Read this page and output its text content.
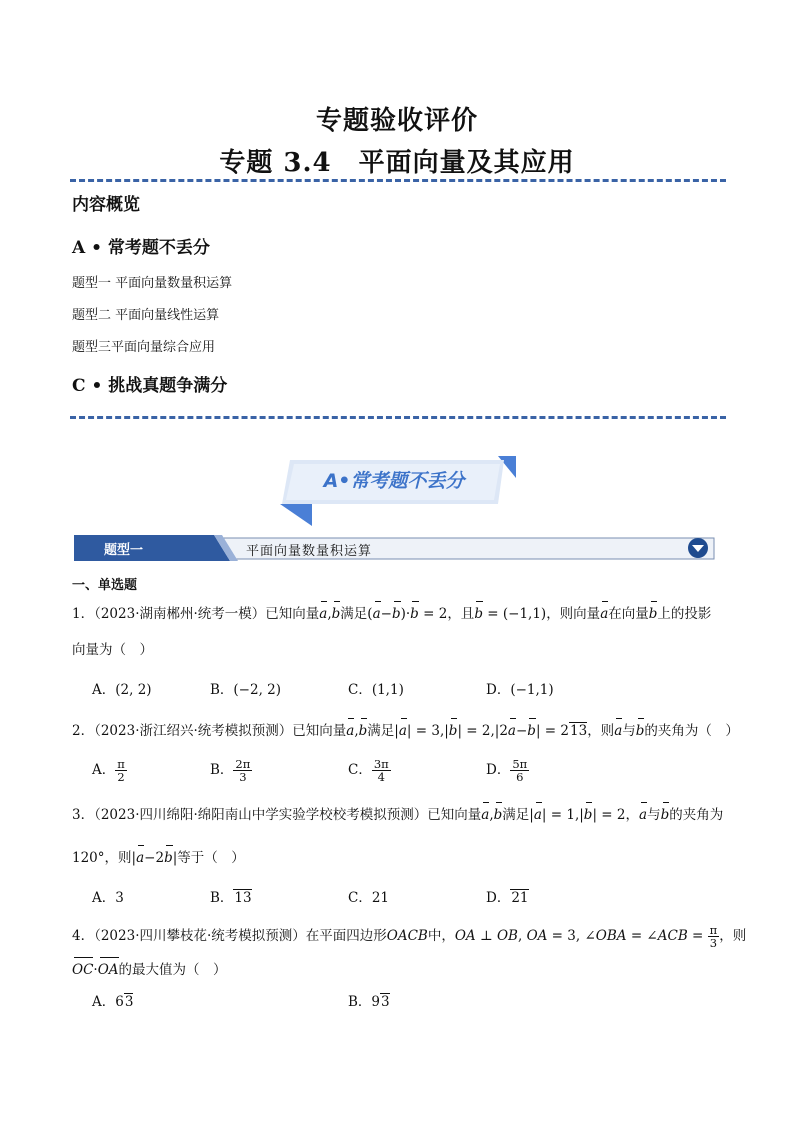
专题验收评价
专题 3.4　平面向量及其应用
内容概览
A • 常考题不丢分
题型一 平面向量数量积运算
题型二 平面向量线性运算
题型三平面向量综合应用
C • 挑战真题争满分
A•常考题不丢分
题型一	平面向量数量积运算
一、单选题
1．（2023·湖南郴州·统考一模）已知向量a,b满足(a−b)·b = 2，且b = (−1,1)，则向量a在向量b上的投影
向量为（　）
A．(2, 2)	B．(−2, 2)	C．(1,1)	D．(−1,1)
2．（2023·浙江绍兴·统考模拟预测）已知向量a,b满足|a| = 3,|b| = 2,|2a−b| = 213，则a与b的夹角为（　）
A． $\frac{\pi}{2}$	B． $\frac{2\pi}{3}$	C． $\frac{3\pi}{4}$	D． $\frac{5\pi}{6}$
3．（2023·四川绵阳·绵阳南山中学实验学校校考模拟预测）已知向量a,b满足|a| = 1,|b| = 2，a与b的夹角为
120°，则|a−2b|等于（　）
A．3	B．13	C．21	D．21
4．（2023·四川攀枝花·统考模拟预测）在平面四边形OACB中，OA ⊥ OB, OA = 3, ∠OBA = ∠ACB = $\frac{\pi}{3}$ ，则
OC·OA的最大值为（　）
A．63	B．93
